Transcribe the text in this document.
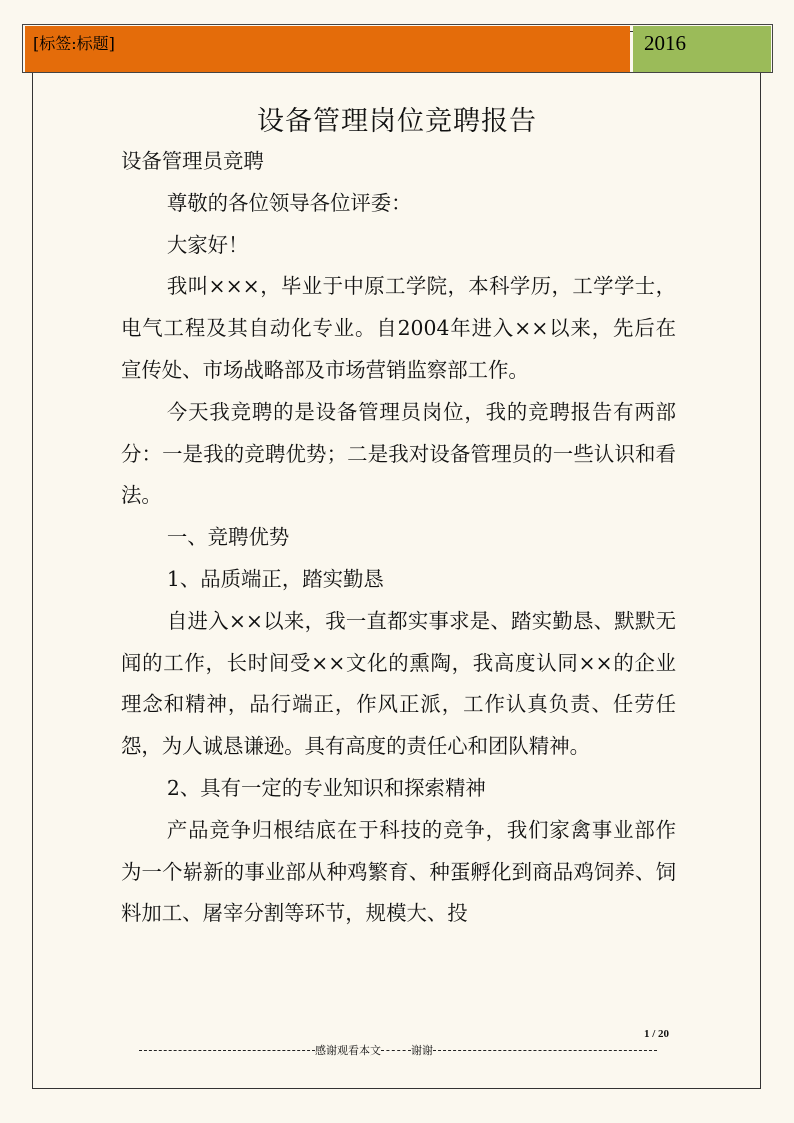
[标签:标题]	2016
设备管理岗位竞聘报告

设备管理员竞聘

尊敬的各位领导各位评委：

大家好！

我叫×××，毕业于中原工学院，本科学历，工学学士，电气工程及其自动化专业。自2004年进入××以来，先后在宣传处、市场战略部及市场营销监察部工作。

今天我竞聘的是设备管理员岗位，我的竞聘报告有两部分：一是我的竞聘优势；二是我对设备管理员的一些认识和看法。

一、竞聘优势

1、品质端正，踏实勤恳

自进入××以来，我一直都实事求是、踏实勤恳、默默无闻的工作，长时间受××文化的熏陶，我高度认同××的企业理念和精神，品行端正，作风正派，工作认真负责、任劳任怨，为人诚恳谦逊。具有高度的责任心和团队精神。

2、具有一定的专业知识和探索精神

产品竞争归根结底在于科技的竞争，我们家禽事业部作为一个崭新的事业部从种鸡繁育、种蛋孵化到商品鸡饲养、饲料加工、屠宰分割等环节，规模大、投

1 / 20
感谢观看本文	谢谢
